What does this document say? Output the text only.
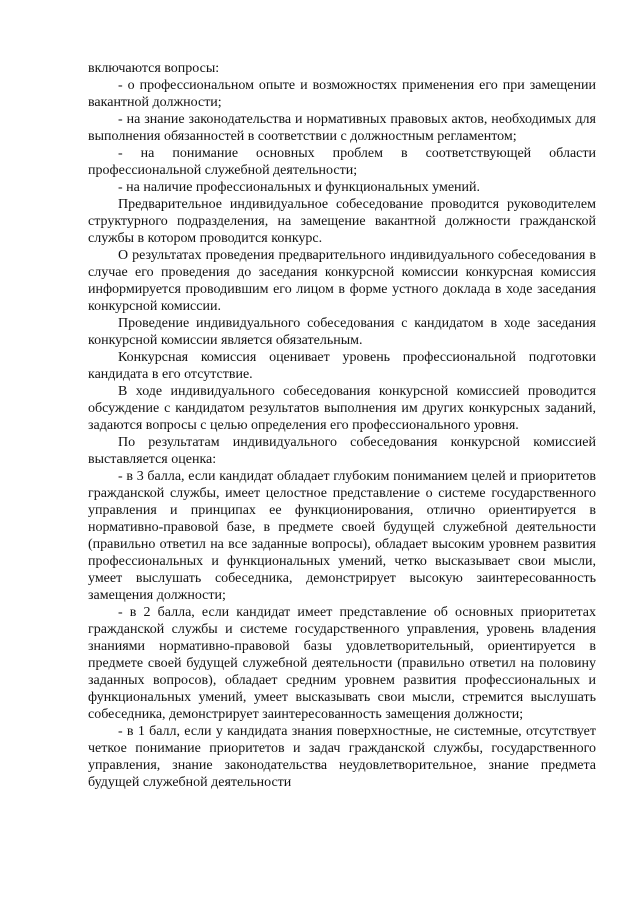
включаются вопросы:

- о профессиональном опыте и возможностях применения его при замещении вакантной должности;

- на знание законодательства и нормативных правовых актов, необходимых для выполнения обязанностей в соответствии с должностным регламентом;

- на понимание основных проблем в соответствующей области профессиональной служебной деятельности;

- на наличие профессиональных и функциональных умений.

Предварительное индивидуальное собеседование проводится руководителем структурного подразделения, на замещение вакантной должности гражданской службы в котором проводится конкурс.

О результатах проведения предварительного индивидуального собеседования в случае его проведения до заседания конкурсной комиссии конкурсная комиссия информируется проводившим его лицом в форме устного доклада в ходе заседания конкурсной комиссии.

Проведение индивидуального собеседования с кандидатом в ходе заседания конкурсной комиссии является обязательным.

Конкурсная комиссия оценивает уровень профессиональной подготовки кандидата в его отсутствие.

В ходе индивидуального собеседования конкурсной комиссией проводится обсуждение с кандидатом результатов выполнения им других конкурсных заданий, задаются вопросы с целью определения его профессионального уровня.

По результатам индивидуального собеседования конкурсной комиссией выставляется оценка:

- в 3 балла, если кандидат обладает глубоким пониманием целей и приоритетов гражданской службы, имеет целостное представление о системе государственного управления и принципах ее функционирования, отлично ориентируется в нормативно-правовой базе, в предмете своей будущей служебной деятельности (правильно ответил на все заданные вопросы), обладает высоким уровнем развития профессиональных и функциональных умений, четко высказывает свои мысли, умеет выслушать собеседника, демонстрирует высокую заинтересованность замещения должности;

- в 2 балла, если кандидат имеет представление об основных приоритетах гражданской службы и системе государственного управления, уровень владения знаниями нормативно-правовой базы удовлетворительный, ориентируется в предмете своей будущей служебной деятельности (правильно ответил на половину заданных вопросов), обладает средним уровнем развития профессиональных и функциональных умений, умеет высказывать свои мысли, стремится выслушать собеседника, демонстрирует заинтересованность замещения должности;

- в 1 балл, если у кандидата знания поверхностные, не системные, отсутствует четкое понимание приоритетов и задач гражданской службы, государственного управления, знание законодательства неудовлетворительное, знание предмета будущей служебной деятельности
